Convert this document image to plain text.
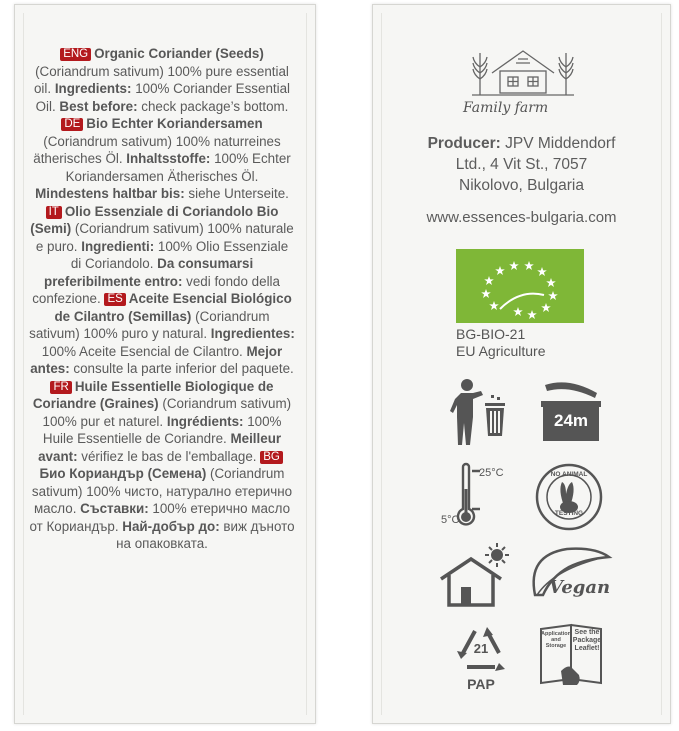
ENG Organic Coriander (Seeds) (Coriandrum sativum) 100% pure essential oil. Ingredients: 100% Coriander Essential Oil. Best before: check package’s bottom. DE Bio Echter Koriandersamen (Coriandrum sativum) 100% naturreines ätherisches Öl. Inhaltsstoffe: 100% Echter Koriandersamen Ätherisches Öl. Mindestens haltbar bis: siehe Unterseite. IT Olio Essenziale di Coriandolo Bio (Semi) (Coriandrum sativum) 100% naturale e puro. Ingredienti: 100% Olio Essenziale di Coriandolo. Da consumarsi preferibilmente entro: vedi fondo della confezione. ES Aceite Esencial Biológico de Cilantro (Semillas) (Coriandrum sativum) 100% puro y natural. Ingredientes: 100% Aceite Esencial de Cilantro. Mejor antes: consulte la parte inferior del paquete. FR Huile Essentielle Biologique de Coriandre (Graines) (Coriandrum sativum) 100% pur et naturel. Ingrédients: 100% Huile Essentielle de Coriandre. Meilleur avant: vérifiez le bas de l'emballage. BGБио Кориандър (Семена) (Coriandrum sativum) 100% чисто, натурално етерично масло. Съставки: 100% етерично масло от Кориандър. Най-добър до: виж дъното на опаковката.
Family farm
Producer: JPV Middendorf
Ltd., 4 Vit St., 7057
Nikolovo, Bulgaria
www.essences-bulgaria.com
BG-BIO-21
EU Agriculture
24m
25°C
5°C
NO ANIMAL
TESTING
Vegan
21
PAP
Application and Storage
See the Package Leaflet!
